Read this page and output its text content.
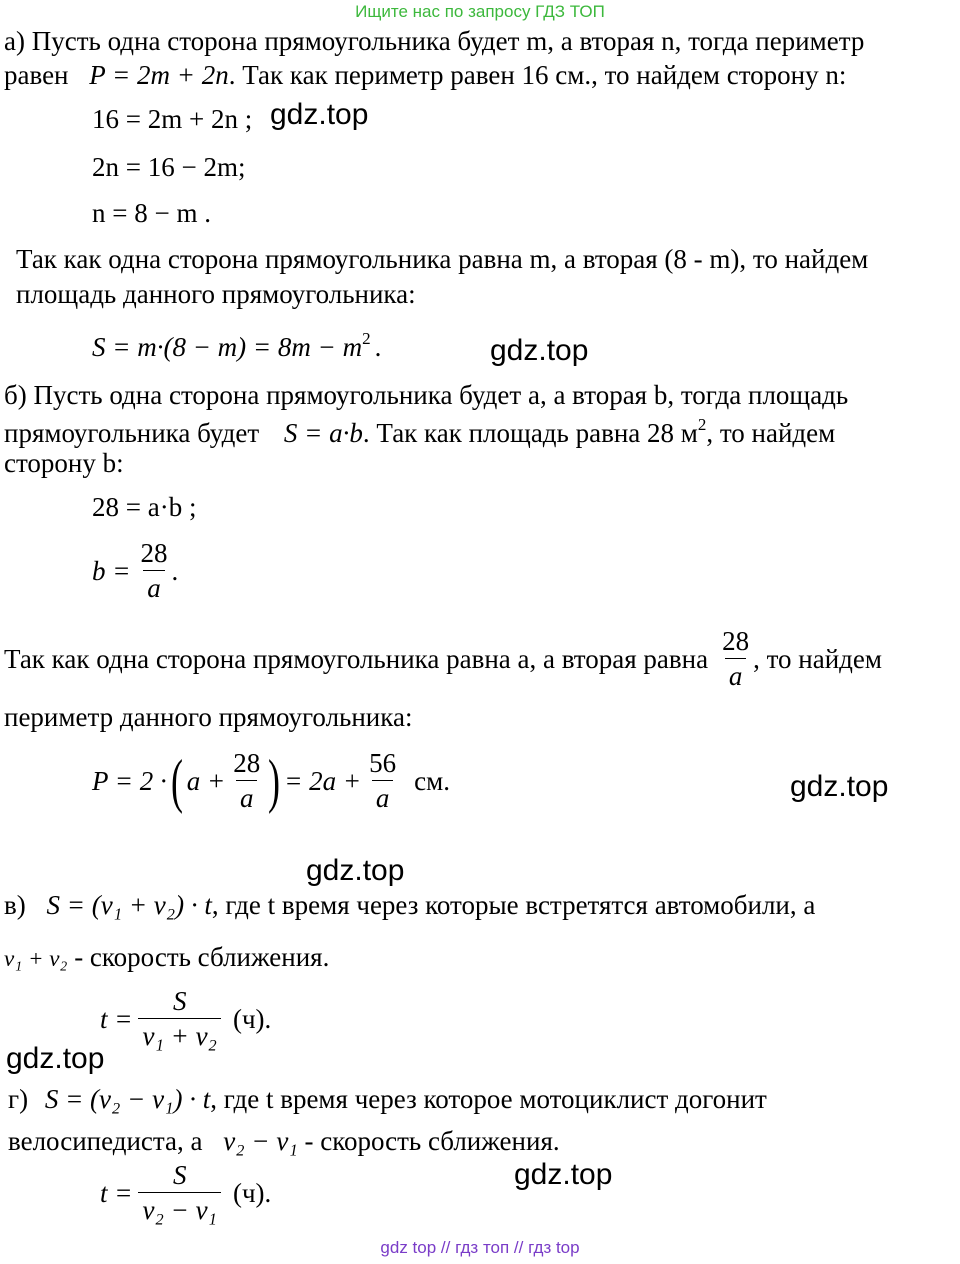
Ищите нас по запросу ГДЗ ТОП
а) Пусть одна сторона прямоугольника будет m, а вторая n, тогда периметр
равен P = 2m + 2n. Так как периметр равен 16 см., то найдем сторону n:
16 = 2m + 2n ; gdz.top
2n = 16 − 2m;
n = 8 − m .
Так как одна сторона прямоугольника равна m, а вторая (8 - m), то найдем
площадь данного прямоугольника:
$S = m\cdot(8 - m) = 8m - m^2$ .	gdz.top
б) Пусть одна сторона прямоугольника будет a, а вторая b, тогда площадь
прямоугольника будет S = a·b. Так как площадь равна 28 $м^2$, то найдем
сторону b:
28 = a·b ;
$b = \frac{28}{a}$ .
Так как одна сторона прямоугольника равна a, а вторая равна $\frac{28}{a}$ , то найдем
периметр данного прямоугольника:
P = 2 · ( $a + \frac{28}{a}$ ) = $2a + \frac{56}{a}$ см.	gdz.top
gdz.top
в) S = (v₁ + v₂) · t, где t время через которые встретятся автомобили, а
v₁ + v₂ - скорость сближения.
$t = \frac{S}{\text{v₁ + v₂}} (ч)$.
gdz.top
г) S = (v₂ − v₁) · t, где t время через которое мотоциклист догонит
велосипедиста, а v₂ − v₁ - скорость сближения.
gdz.top
$t = \frac{S}{\text{v₂ − v₁}} (ч)$.
gdz top // гдз топ // гдз top
